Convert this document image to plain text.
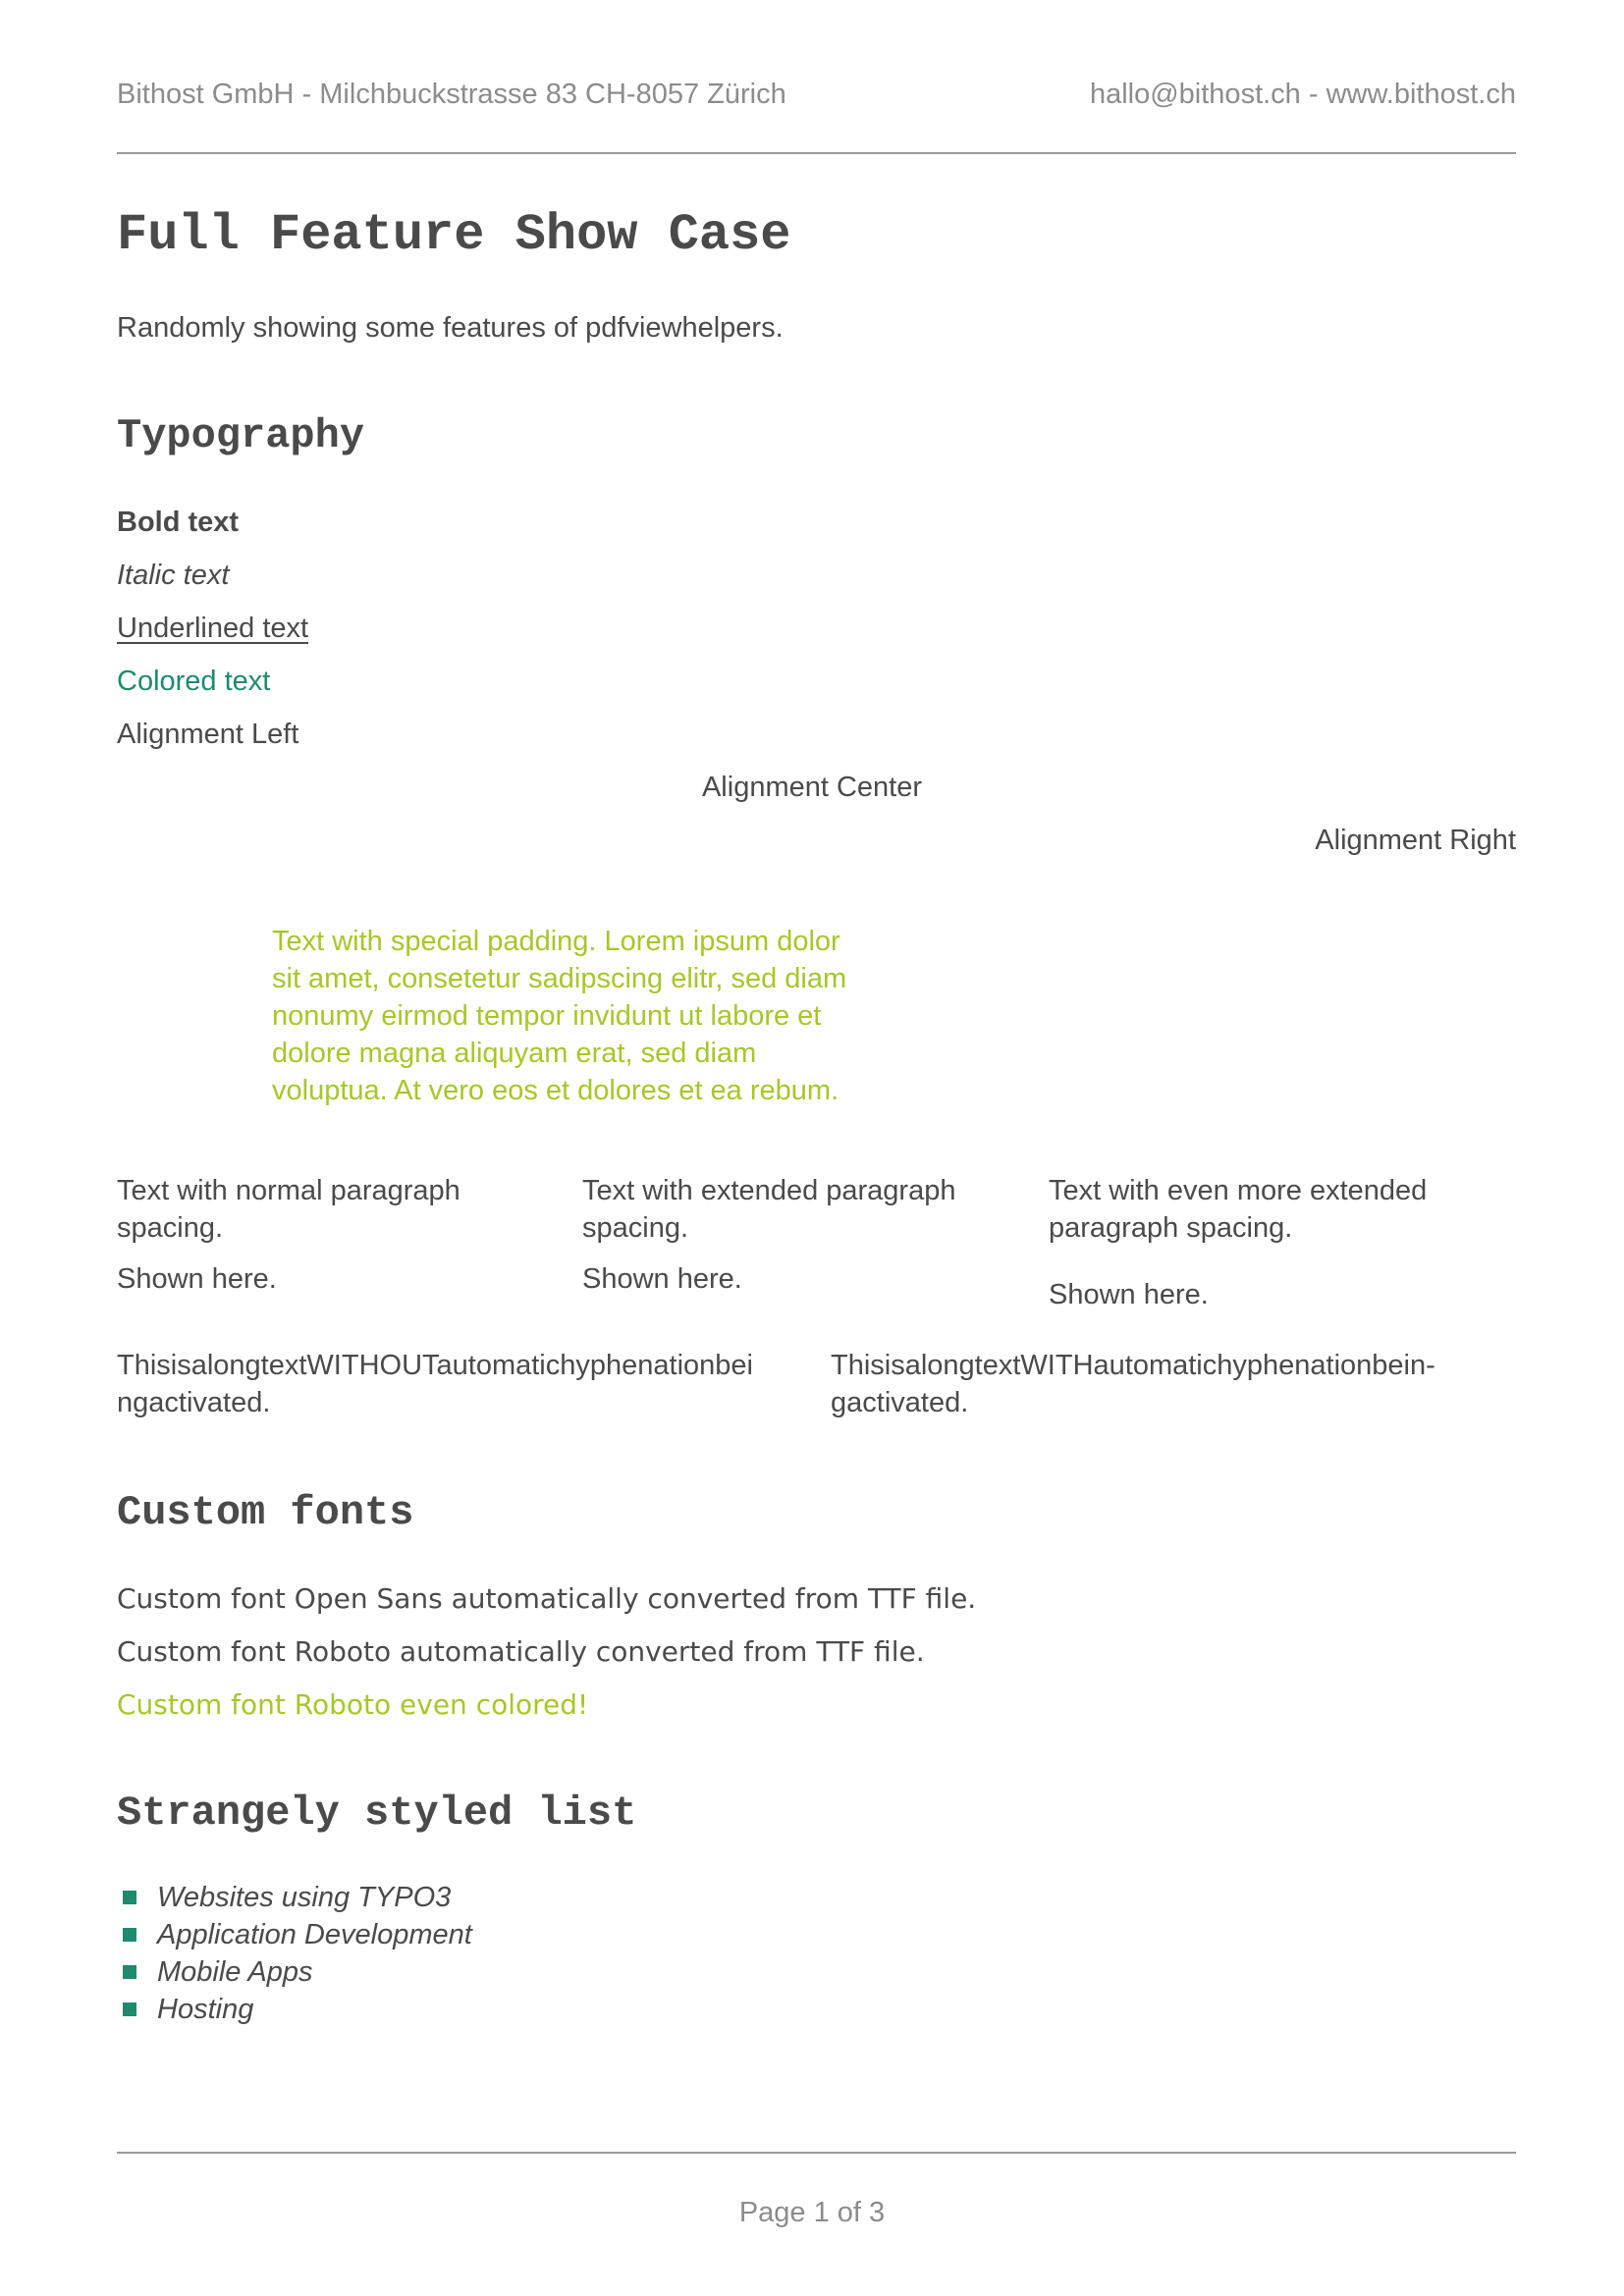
Bithost GmbH - Milchbuckstrasse 83 CH-8057 Zürich	hallo@bithost.ch - www.bithost.ch
Full Feature Show Case
Randomly showing some features of pdfviewhelpers.
Typography
Bold text
Italic text
Underlined text
Colored text
Alignment Left
Alignment Center
Alignment Right
Text with special padding. Lorem ipsum dolor
sit amet, consetetur sadipscing elitr, sed diam
nonumy eirmod tempor invidunt ut labore et
dolore magna aliquyam erat, sed diam
voluptua. At vero eos et dolores et ea rebum.

Text with normal paragraph

spacing.

Shown here.

Text with extended paragraph

spacing.

Shown here.

Text with even more extended

paragraph spacing.

Shown here.

ThisisalongtextWITHOUTautomatichyphenationbei

ngactivated.

ThisisalongtextWITHautomatichyphenationbein-

gactivated.

Custom fonts
Custom font Open Sans automatically converted from TTF file.
Custom font Roboto automatically converted from TTF file.
Custom font Roboto even colored!
Strangely styled list
Websites using TYPO3
Application Development
Mobile Apps
Hosting
Page 1 of 3
